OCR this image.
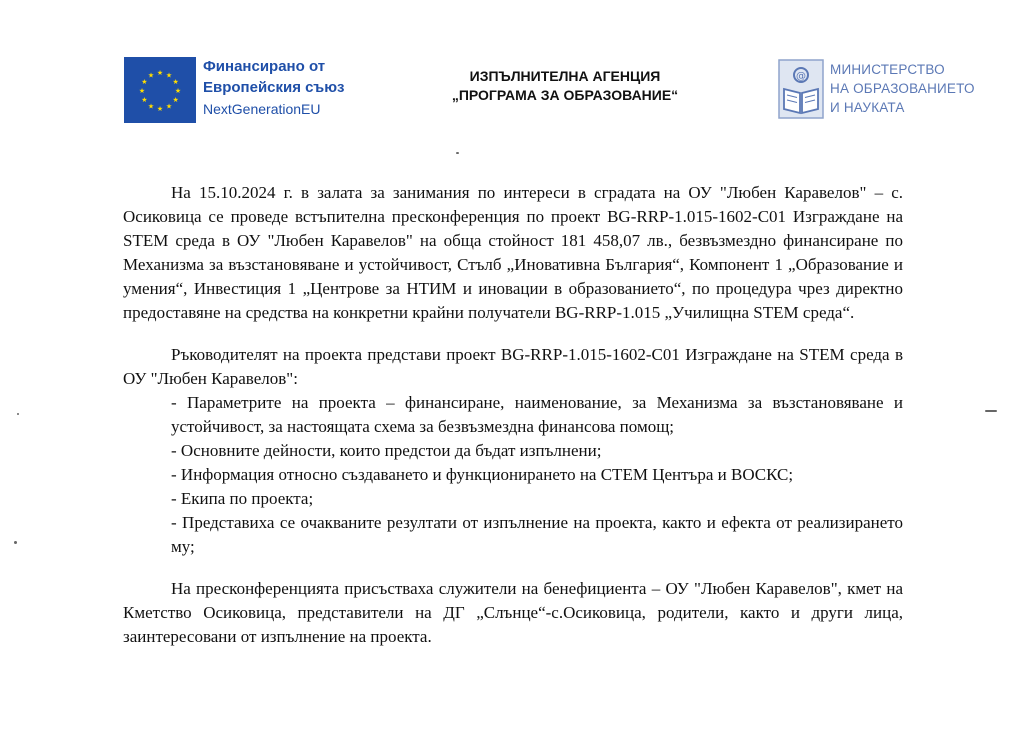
★ ★
★
★
★
★
★
★
★
★
★
★
Финансирано от
Европейския съюз
NextGenerationEU
ИЗПЪЛНИТЕЛНА АГЕНЦИЯ
„ПРОГРАМА ЗА ОБРАЗОВАНИЕ“
@ МИНИСТЕРСТВО
НА ОБРАЗОВАНИЕТО
И НАУКАТА

На 15.10.2024 г. в залата за занимания по интереси в сградата на ОУ "Любен Каравелов" – с. Осиковица се проведе встъпителна пресконференция по проект BG-RRP-1.015-1602-C01 Изграждане на STEM среда в ОУ "Любен Каравелов" на обща стойност 181 458,07 лв., безвъзмездно финансиране по Механизма за възстановяване и устойчивост, Стълб „Иновативна България“, Компонент 1 „Образование и умения“, Инвестиция 1 „Центрове за НТИМ и иновации в образованието“, по процедура чрез директно предоставяне на средства на конкретни крайни получатели BG-RRP-1.015 „Училищна STEM среда“.

Ръководителят на проекта представи проект BG-RRP-1.015-1602-C01 Изграждане на STEM среда в ОУ "Любен Каравелов":

- Параметрите на проекта – финансиране, наименование, за Механизма за възстановяване и устойчивост, за настоящата схема за безвъзмездна финансова помощ;

- Основните дейности, които предстои да бъдат изпълнени;

- Информация относно създаването и функционирането на СТЕМ Центъра и ВОСКС;

- Екипа по проекта;

- Представиха се очакваните резултати от изпълнение на проекта, както и ефекта от реализирането му;

На пресконференцията присъстваха служители на бенефициента – ОУ "Любен Каравелов", кмет на Кметство Осиковица, представители на ДГ „Слънце“-с.Осиковица, родители, както и други лица, заинтересовани от изпълнение на проекта.
